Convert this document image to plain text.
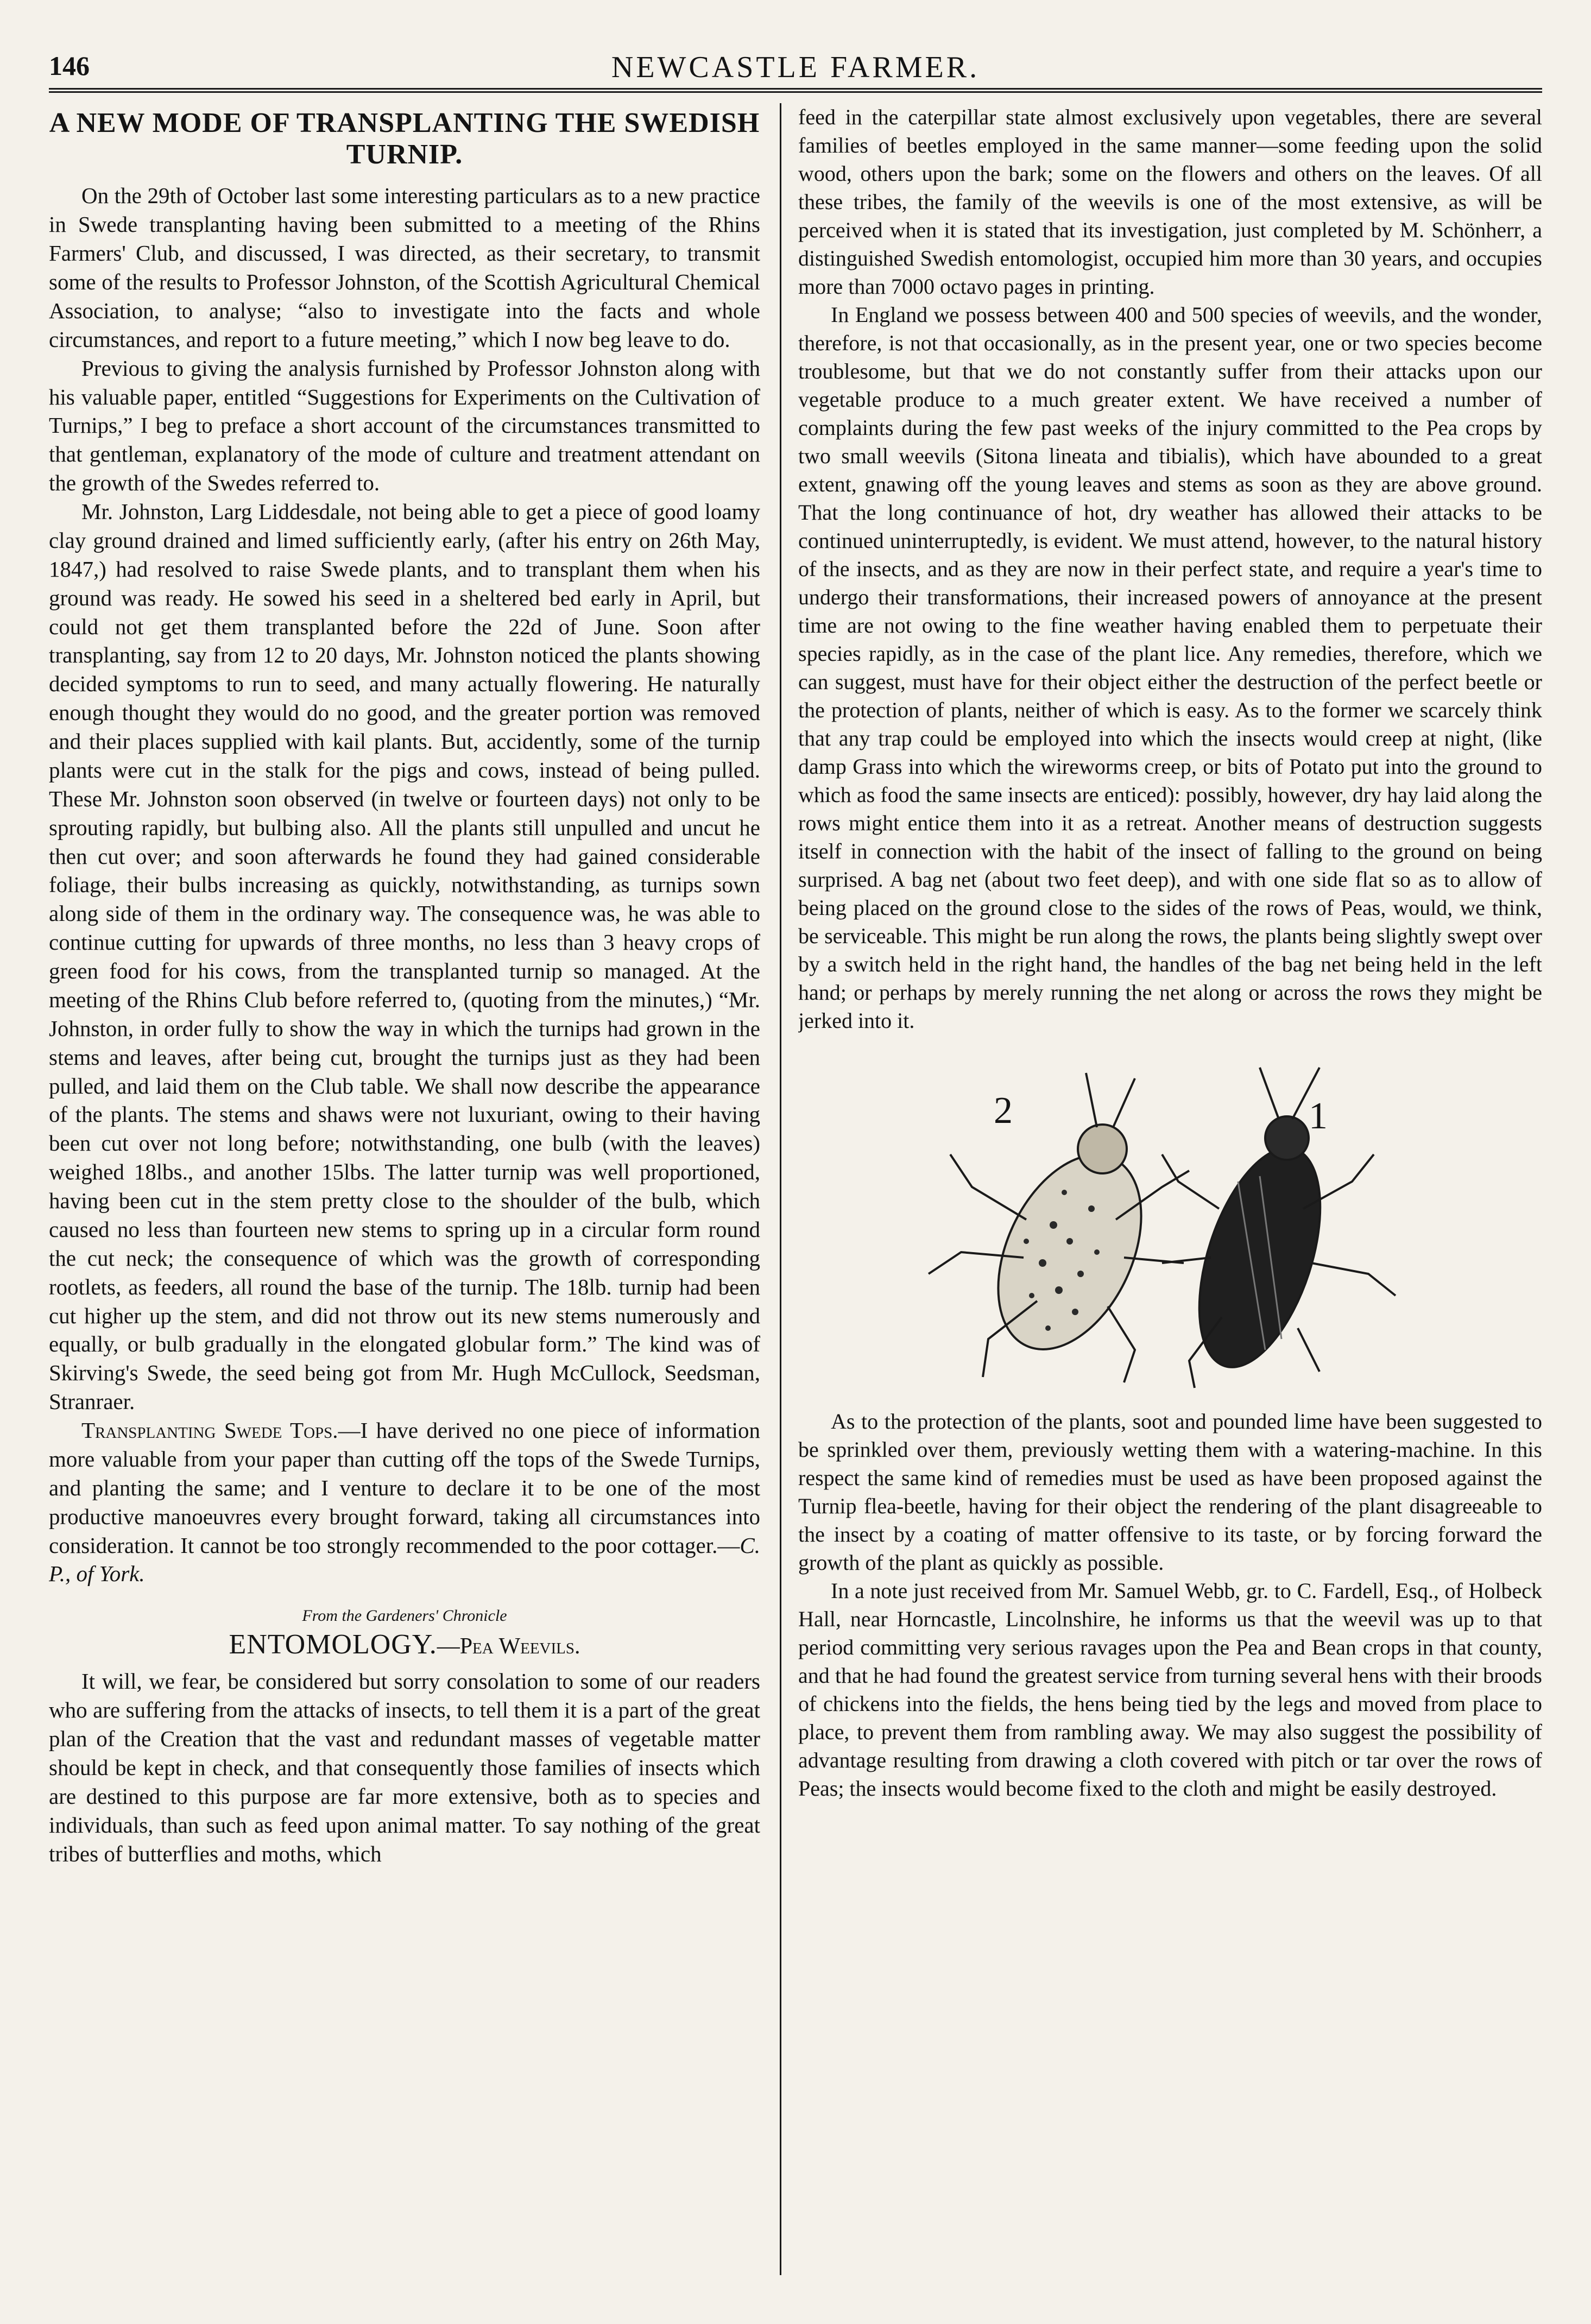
146	NEWCASTLE FARMER.
A NEW MODE OF TRANSPLANTING THE SWEDISH TURNIP.

On the 29th of October last some interesting particulars as to a new practice in Swede transplanting having been submitted to a meeting of the Rhins Farmers' Club, and discussed, I was directed, as their secretary, to transmit some of the results to Professor Johnston, of the Scottish Agricultural Chemical Association, to analyse; “also to investigate into the facts and whole circumstances, and report to a future meeting,” which I now beg leave to do.

Previous to giving the analysis furnished by Professor Johnston along with his valuable paper, entitled “Suggestions for Experiments on the Cultivation of Turnips,” I beg to preface a short account of the circumstances transmitted to that gentleman, explanatory of the mode of culture and treatment attendant on the growth of the Swedes referred to.

Mr. Johnston, Larg Liddesdale, not being able to get a piece of good loamy clay ground drained and limed sufficiently early, (after his entry on 26th May, 1847,) had resolved to raise Swede plants, and to transplant them when his ground was ready. He sowed his seed in a sheltered bed early in April, but could not get them transplanted before the 22d of June. Soon after transplanting, say from 12 to 20 days, Mr. Johnston noticed the plants showing decided symptoms to run to seed, and many actually flowering. He naturally enough thought they would do no good, and the greater portion was removed and their places supplied with kail plants. But, accidently, some of the turnip plants were cut in the stalk for the pigs and cows, instead of being pulled. These Mr. Johnston soon observed (in twelve or fourteen days) not only to be sprouting rapidly, but bulbing also. All the plants still unpulled and uncut he then cut over; and soon afterwards he found they had gained considerable foliage, their bulbs increasing as quickly, notwithstanding, as turnips sown along side of them in the ordinary way. The consequence was, he was able to continue cutting for upwards of three months, no less than 3 heavy crops of green food for his cows, from the transplanted turnip so managed. At the meeting of the Rhins Club before referred to, (quoting from the minutes,) “Mr. Johnston, in order fully to show the way in which the turnips had grown in the stems and leaves, after being cut, brought the turnips just as they had been pulled, and laid them on the Club table. We shall now describe the appearance of the plants. The stems and shaws were not luxuriant, owing to their having been cut over not long before; notwithstanding, one bulb (with the leaves) weighed 18lbs., and another 15lbs. The latter turnip was well proportioned, having been cut in the stem pretty close to the shoulder of the bulb, which caused no less than fourteen new stems to spring up in a circular form round the cut neck; the consequence of which was the growth of corresponding rootlets, as feeders, all round the base of the turnip. The 18lb. turnip had been cut higher up the stem, and did not throw out its new stems numerously and equally, or bulb gradually in the elongated globular form.” The kind was of Skirving's Swede, the seed being got from Mr. Hugh McCullock, Seedsman, Stranraer.

Transplanting Swede Tops.—I have derived no one piece of information more valuable from your paper than cutting off the tops of the Swede Turnips, and planting the same; and I venture to declare it to be one of the most productive manoeuvres every brought forward, taking all circumstances into consideration. It cannot be too strongly recommended to the poor cottager.—C. P., of York.

From the Gardeners' Chronicle
ENTOMOLOGY.—Pea Weevils.

It will, we fear, be considered but sorry consolation to some of our readers who are suffering from the attacks of insects, to tell them it is a part of the great plan of the Creation that the vast and redundant masses of vegetable matter should be kept in check, and that consequently those families of insects which are destined to this purpose are far more extensive, both as to species and individuals, than such as feed upon animal matter. To say nothing of the great tribes of butterflies and moths, which

feed in the caterpillar state almost exclusively upon vegetables, there are several families of beetles employed in the same manner—some feeding upon the solid wood, others upon the bark; some on the flowers and others on the leaves. Of all these tribes, the family of the weevils is one of the most extensive, as will be perceived when it is stated that its investigation, just completed by M. Schönherr, a distinguished Swedish entomologist, occupied him more than 30 years, and occupies more than 7000 octavo pages in printing.

In England we possess between 400 and 500 species of weevils, and the wonder, therefore, is not that occasionally, as in the present year, one or two species become troublesome, but that we do not constantly suffer from their attacks upon our vegetable produce to a much greater extent. We have received a number of complaints during the few past weeks of the injury committed to the Pea crops by two small weevils (Sitona lineata and tibialis), which have abounded to a great extent, gnawing off the young leaves and stems as soon as they are above ground. That the long continuance of hot, dry weather has allowed their attacks to be continued uninterruptedly, is evident. We must attend, however, to the natural history of the insects, and as they are now in their perfect state, and require a year's time to undergo their transformations, their increased powers of annoyance at the present time are not owing to the fine weather having enabled them to perpetuate their species rapidly, as in the case of the plant lice. Any remedies, therefore, which we can suggest, must have for their object either the destruction of the perfect beetle or the protection of plants, neither of which is easy. As to the former we scarcely think that any trap could be employed into which the insects would creep at night, (like damp Grass into which the wireworms creep, or bits of Potato put into the ground to which as food the same insects are enticed): possibly, however, dry hay laid along the rows might entice them into it as a retreat. Another means of destruction suggests itself in connection with the habit of the insect of falling to the ground on being surprised. A bag net (about two feet deep), and with one side flat so as to allow of being placed on the ground close to the sides of the rows of Peas, would, we think, be serviceable. This might be run along the rows, the plants being slightly swept over by a switch held in the right hand, the handles of the bag net being held in the left hand; or perhaps by merely running the net along or across the rows they might be jerked into it.

2	1

As to the protection of the plants, soot and pounded lime have been suggested to be sprinkled over them, previously wetting them with a watering-machine. In this respect the same kind of remedies must be used as have been proposed against the Turnip flea-beetle, having for their object the rendering of the plant disagreeable to the insect by a coating of matter offensive to its taste, or by forcing forward the growth of the plant as quickly as possible.

In a note just received from Mr. Samuel Webb, gr. to C. Fardell, Esq., of Holbeck Hall, near Horncastle, Lincolnshire, he informs us that the weevil was up to that period committing very serious ravages upon the Pea and Bean crops in that county, and that he had found the greatest service from turning several hens with their broods of chickens into the fields, the hens being tied by the legs and moved from place to place, to prevent them from rambling away. We may also suggest the possibility of advantage resulting from drawing a cloth covered with pitch or tar over the rows of Peas; the insects would become fixed to the cloth and might be easily destroyed.
